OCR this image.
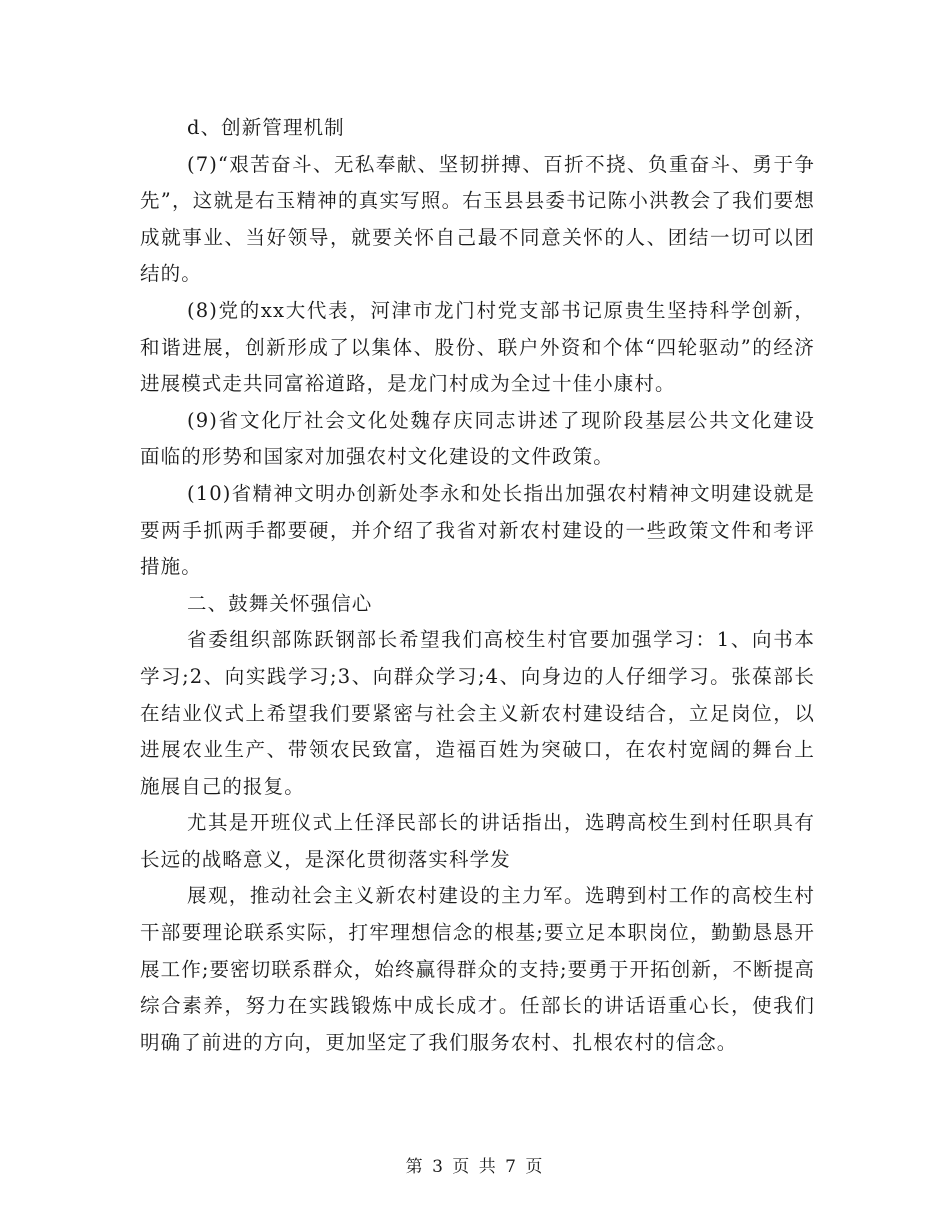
d、创新管理机制

(7)“艰苦奋斗、无私奉献、坚韧拼搏、百折不挠、负重奋斗、勇于争先”，这就是右玉精神的真实写照。右玉县县委书记陈小洪教会了我们要想成就事业、当好领导，就要关怀自己最不同意关怀的人、团结一切可以团结的。

(8)党的xx大代表，河津市龙门村党支部书记原贵生坚持科学创新，和谐进展，创新形成了以集体、股份、联户外资和个体“四轮驱动”的经济进展模式走共同富裕道路，是龙门村成为全过十佳小康村。

(9)省文化厅社会文化处魏存庆同志讲述了现阶段基层公共文化建设面临的形势和国家对加强农村文化建设的文件政策。

(10)省精神文明办创新处李永和处长指出加强农村精神文明建设就是要两手抓两手都要硬，并介绍了我省对新农村建设的一些政策文件和考评措施。

二、鼓舞关怀强信心

省委组织部陈跃钢部长希望我们高校生村官要加强学习：1、向书本学习;2、向实践学习;3、向群众学习;4、向身边的人仔细学习。张葆部长在结业仪式上希望我们要紧密与社会主义新农村建设结合，立足岗位，以进展农业生产、带领农民致富，造福百姓为突破口，在农村宽阔的舞台上施展自己的报复。

尤其是开班仪式上任泽民部长的讲话指出，选聘高校生到村任职具有长远的战略意义，是深化贯彻落实科学发

展观，推动社会主义新农村建设的主力军。选聘到村工作的高校生村干部要理论联系实际，打牢理想信念的根基;要立足本职岗位，勤勤恳恳开展工作;要密切联系群众，始终赢得群众的支持;要勇于开拓创新，不断提高综合素养，努力在实践锻炼中成长成才。任部长的讲话语重心长，使我们明确了前进的方向，更加坚定了我们服务农村、扎根农村的信念。

第 3 页 共 7 页
